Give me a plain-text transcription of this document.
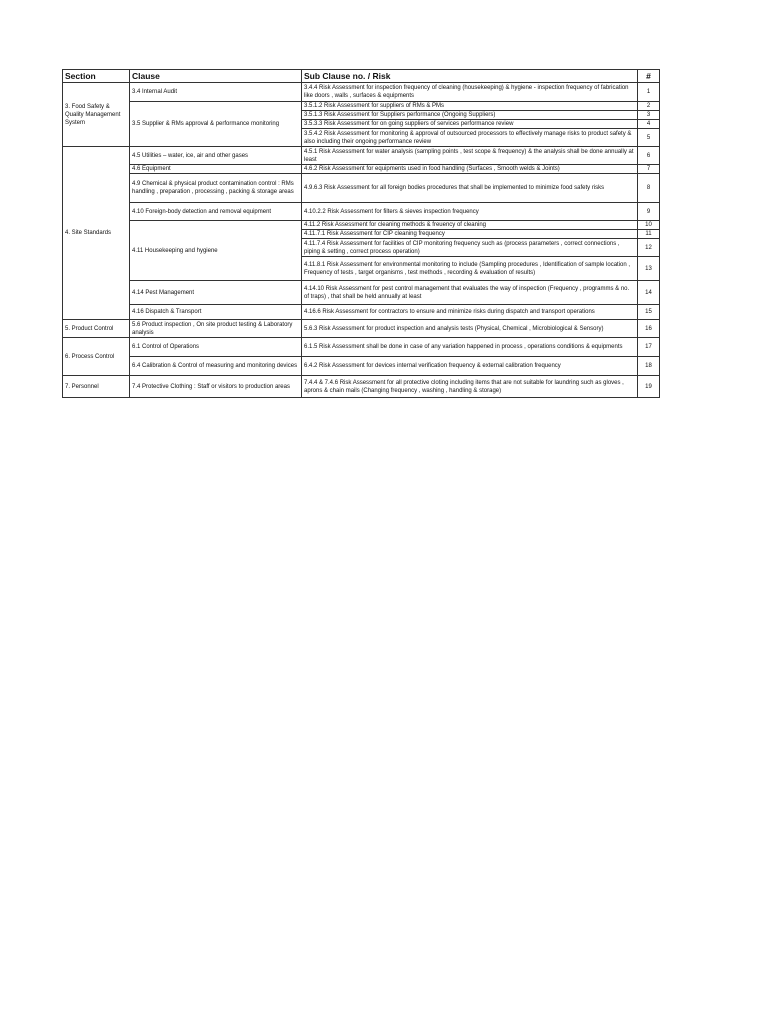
Section	Clause	Sub Clause no. / Risk	#
3. Food Safety & Quality Management System	3.4 Internal Audit	3.4.4 Risk Assessment for inspection frequency of cleaning (housekeeping) & hygiene - inspection frequency of fabrication like doors , walls , surfaces & equipments	1
	3.5 Supplier & RMs approval & performance monitoring	3.5.1.2 Risk Assessment for suppliers of RMs & PMs	2
		3.5.1.3 Risk Assessment for Suppliers performance (Ongoing Suppliers)	3
		3.5.3.3 Risk Assessment for on going suppliers of services performance review	4
		3.5.4.2 Risk Assessment for monitoring & approval of outsourced processors to effectively manage risks to product safety & also including their ongoing performance review	5
4. Site Standards	4.5 Utilities – water, ice, air and other gases	4.5.1 Risk Assessment for water analysis (sampling points , test scope & frequency) & the analysis shall be done annually at least	6
	4.6 Equipment	4.6.2 Risk Assessment for equipments used in food handling (Surfaces , Smooth welds & Joints)	7
	4.9 Chemical & physical product contamination control : RMs handling , preparation , processing , packing & storage areas	4.9.6.3 Risk Assessment for all foreign bodies procedures that shall be implemented to minimize food safety risks	8
	4.10 Foreign-body detection and removal equipment	4.10.2.2 Risk Assessment for filters & sieves inspection frequency	9
	4.11 Housekeeping and hygiene	4.11.2 Risk Assessment for cleaning methods & freuency of cleaning	10
		4.11.7.1 Risk Assessment for CIP cleaning frequency	11
		4.11.7.4 Risk Assessment for facilities of CIP monitoring frequency such as (process parameters , correct connections , piping & setting , correct process operation)	12
		4.11.8.1 Risk Assessment for environmental monitoring to include (Sampling procedures , Identification of sample location , Frequency of tests , target organisms , test methods , recording & evaluation of results)	13
	4.14 Pest Management	4.14.10 Risk Assessment for pest control management that evaluates the way of inspection (Frequency , programms & no. of traps) , that shall be held annually at least	14
	4.16 Dispatch & Transport	4.16.6 Risk Assessment for contractors to ensure and minimize risks during dispatch and transport operations	15
5. Product Control	5.6 Product inspection , On site product testing & Laboratory analysis	5.6.3 Risk Assessment for product inspection and analysis tests (Physical, Chemical , Microbiological & Sensory)	16
6. Process Control	6.1 Control of Operations	6.1.5 Risk Assessment shall be done in case of any variation happened in process , operations conditions & equipments	17
	6.4 Calibration & Control of measuring and monitoring devices	6.4.2 Risk Assessment for devices internal verification frequency & external calibration frequency	18
7. Personnel	7.4 Protective Clothing : Staff or visitors to production areas	7.4.4 & 7.4.6 Risk Assessment for all protective cloting including items that are not suitable for laundring such as gloves , aprons & chain mails (Changing frequency , washing , handling & storage)	19
